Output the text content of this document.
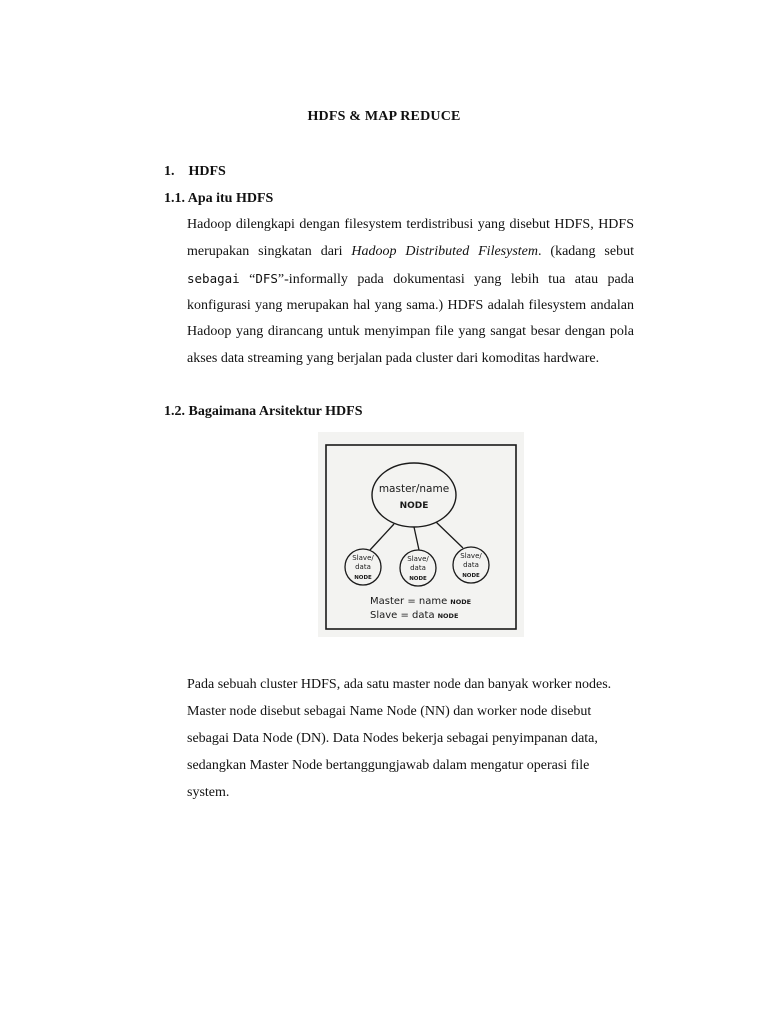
HDFS & MAP REDUCE
1. HDFS
1.1. Apa itu HDFS
Hadoop dilengkapi dengan filesystem terdistribusi yang disebut HDFS, HDFS
merupakan singkatan dari Hadoop Distributed Filesystem. (kadang sebut
sebagai “DFS”-informally pada dokumentasi yang lebih tua atau pada
konfigurasi yang merupakan hal yang sama.) HDFS adalah filesystem andalan
Hadoop yang dirancang untuk menyimpan file yang sangat besar dengan pola
akses data streaming yang berjalan pada cluster dari komoditas hardware.
1.2. Bagaimana Arsitektur HDFS
master/name
NODE
Slave/
data
NODE
Slave/
data
NODE
Slave/
data
NODE
Master = name NODE
Slave = data NODE
Pada sebuah cluster HDFS, ada satu master node dan banyak worker nodes.
Master node disebut sebagai Name Node (NN) dan worker node disebut
sebagai Data Node (DN). Data Nodes bekerja sebagai penyimpanan data,
sedangkan Master Node bertanggungjawab dalam mengatur operasi file
system.
